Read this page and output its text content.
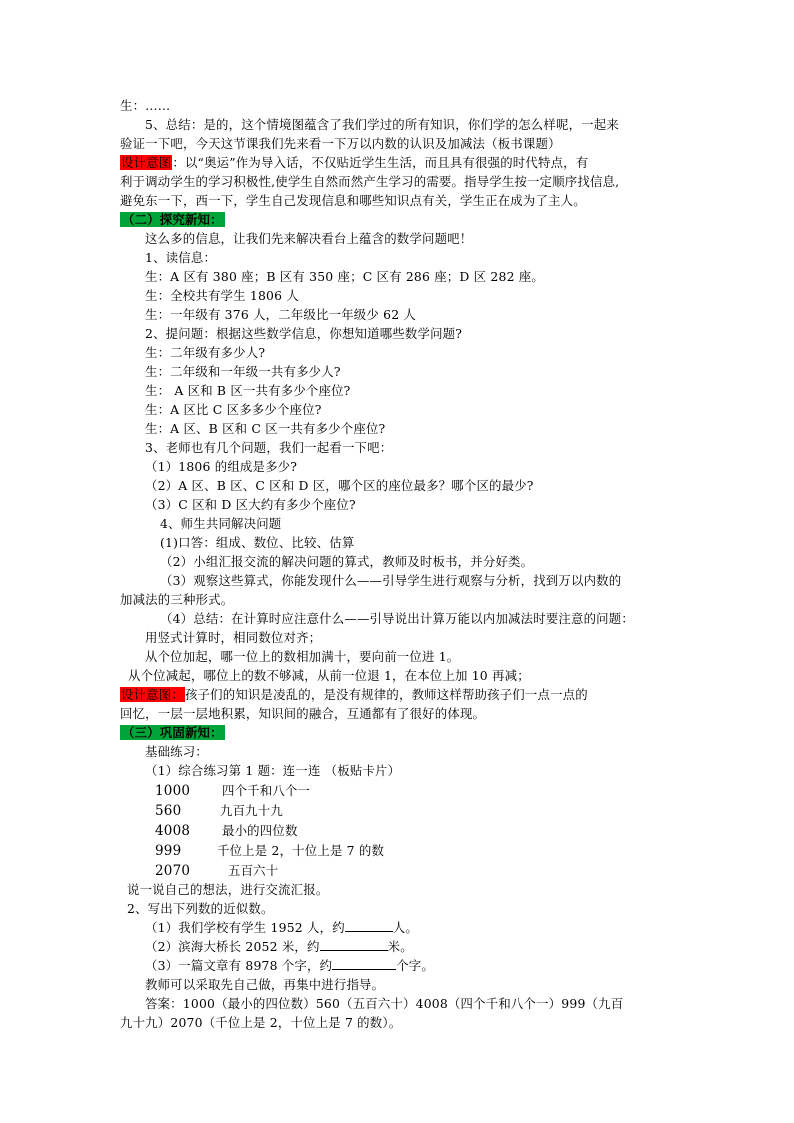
生：……
5、总结：是的，这个情境图蕴含了我们学过的所有知识，你们学的怎么样呢，一起来
验证一下吧，今天这节课我们先来看一下万以内数的认识及加减法（板书课题）
设计意图：以“奥运”作为导入话，不仅贴近学生生活，而且具有很强的时代特点，有
利于调动学生的学习积极性,使学生自然而然产生学习的需要。指导学生按一定顺序找信息,
避免东一下，西一下，学生自己发现信息和哪些知识点有关，学生正在成为了主人。
（二）探究新知：
这么多的信息，让我们先来解决看台上蕴含的数学问题吧！
1、读信息：
生：A 区有 380 座；B 区有 350 座；C 区有 286 座；D 区 282 座。
生：全校共有学生 1806 人
生：一年级有 376 人，二年级比一年级少 62 人
2、提问题：根据这些数学信息，你想知道哪些数学问题?
生：二年级有多少人?
生：二年级和一年级一共有多少人?
生： A 区和 B 区一共有多少个座位?
生：A 区比 C 区多多少个座位?
生：A 区、B 区和 C 区一共有多少个座位?
3、老师也有几个问题，我们一起看一下吧：
（1）1806 的组成是多少?
（2）A 区、B 区、C 区和 D 区，哪个区的座位最多？哪个区的最少?
（3）C 区和 D 区大约有多少个座位?
4、师生共同解决问题
(1)口答：组成、数位、比较、估算
（2）小组汇报交流的解决问题的算式，教师及时板书，并分好类。
（3）观察这些算式，你能发现什么——引导学生进行观察与分析，找到万以内数的
加减法的三种形式。
（4）总结：在计算时应注意什么——引导说出计算万能以内加减法时要注意的问题：
用竖式计算时，相同数位对齐；
从个位加起，哪一位上的数相加满十，要向前一位进 1。
从个位减起，哪位上的数不够减，从前一位退 1，在本位上加 10 再减；
设计意图：孩子们的知识是凌乱的，是没有规律的，教师这样帮助孩子们一点一点的
回忆，一层一层地积累，知识间的融合，互通都有了很好的体现。
（三）巩固新知：
基础练习：
（1）综合练习第 1 题：连一连 （板贴卡片）
1000	四个千和八个一
560	九百九十九
4008	最小的四位数
999	千位上是 2，十位上是 7 的数
2070	五百六十
说一说自己的想法，进行交流汇报。
2、写出下列数的近似数。
（1）我们学校有学生 1952 人，约	人。
（2）滨海大桥长 2052 米，约	米。
（3）一篇文章有 8978 个字，约	个字。
教师可以采取先自己做，再集中进行指导。
答案：1000（最小的四位数）560（五百六十）4008（四个千和八个一）999（九百
九十九）2070（千位上是 2，十位上是 7 的数）。
